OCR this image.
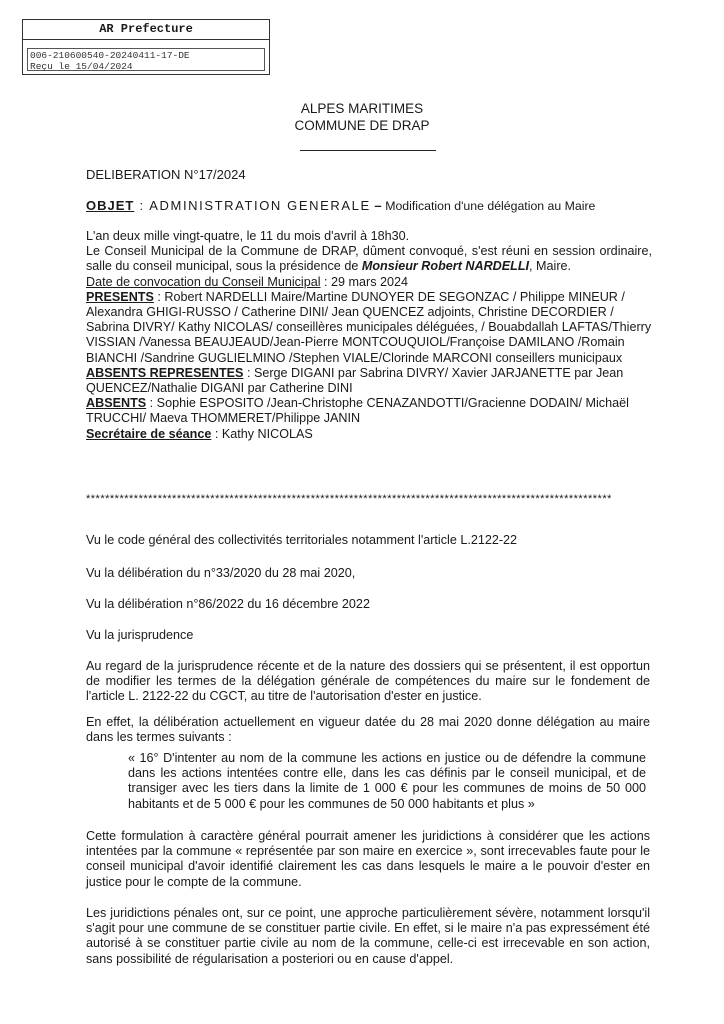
AR Prefecture
006-210600540-20240411-17-DE
Reçu le 15/04/2024
ALPES MARITIMES
COMMUNE DE DRAP
DELIBERATION N°17/2024
OBJET : ADMINISTRATION GENERALE – Modification d'une délégation au Maire
L'an deux mille vingt-quatre, le 11 du mois d'avril à 18h30.
Le Conseil Municipal de la Commune de DRAP, dûment convoqué, s'est réuni en session ordinaire, salle du conseil municipal, sous la présidence de Monsieur Robert NARDELLI, Maire.
Date de convocation du Conseil Municipal : 29 mars 2024
PRESENTS : Robert NARDELLI Maire/Martine DUNOYER DE SEGONZAC / Philippe MINEUR / Alexandra GHIGI-RUSSO / Catherine DINI/ Jean QUENCEZ adjoints, Christine DECORDIER / Sabrina DIVRY/ Kathy NICOLAS/ conseillères municipales déléguées, / Bouabdallah LAFTAS/Thierry VISSIAN /Vanessa BEAUJEAUD/Jean-Pierre MONTCOUQUIOL/Françoise DAMILANO /Romain BIANCHI /Sandrine GUGLIELMINO /Stephen VIALE/Clorinde MARCONI conseillers municipaux
ABSENTS REPRESENTES : Serge DIGANI par Sabrina DIVRY/ Xavier JARJANETTE par Jean QUENCEZ/Nathalie DIGANI par Catherine DINI
ABSENTS : Sophie ESPOSITO /Jean-Christophe CENAZANDOTTI/Gracienne DODAIN/ Michaël TRUCCHI/ Maeva THOMMERET/Philippe JANIN
Secrétaire de séance : Kathy NICOLAS
**************************************************************************************************************
Vu le code général des collectivités territoriales notamment l'article L.2122-22
Vu la délibération du n°33/2020 du 28 mai 2020,
Vu la délibération n°86/2022 du 16 décembre 2022
Vu la jurisprudence
Au regard de la jurisprudence récente et de la nature des dossiers qui se présentent, il est opportun de modifier les termes de la délégation générale de compétences du maire sur le fondement de l'article L. 2122-22 du CGCT, au titre de l'autorisation d'ester en justice.
En effet, la délibération actuellement en vigueur datée du 28 mai 2020 donne délégation au maire dans les termes suivants :
« 16° D'intenter au nom de la commune les actions en justice ou de défendre la commune dans les actions intentées contre elle, dans les cas définis par le conseil municipal, et de transiger avec les tiers dans la limite de 1 000 € pour les communes de moins de 50 000 habitants et de 5 000 € pour les communes de 50 000 habitants et plus »
Cette formulation à caractère général pourrait amener les juridictions à considérer que les actions intentées par la commune « représentée par son maire en exercice », sont irrecevables faute pour le conseil municipal d'avoir identifié clairement les cas dans lesquels le maire a le pouvoir d'ester en justice pour le compte de la commune.
Les juridictions pénales ont, sur ce point, une approche particulièrement sévère, notamment lorsqu'il s'agit pour une commune de se constituer partie civile. En effet, si le maire n'a pas expressément été autorisé à se constituer partie civile au nom de la commune, celle-ci est irrecevable en son action, sans possibilité de régularisation a posteriori ou en cause d'appel.
